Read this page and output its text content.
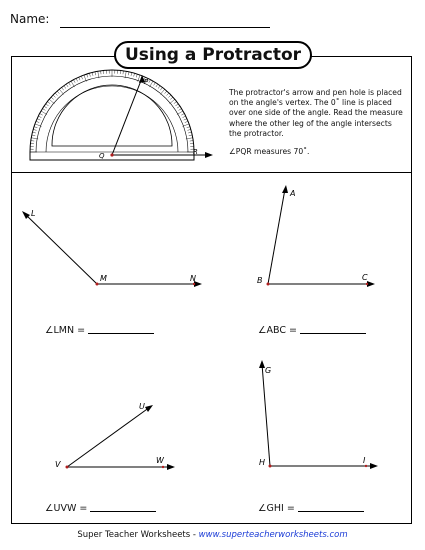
Name:
Using a Protractor
P
Q	R
L
M	N
A
B	C
U
V	W
G
H	I

The protractor's arrow and pen hole is placed on the angle's vertex. The 0˚ line is placed over one side of the angle. Read the measure where the other leg of the angle intersects the protractor.

∠PQR measures 70˚.

∠LMN =	∠ABC =
∠UVW =	∠GHI =
Super Teacher Worksheets - www.superteacherworksheets.com
